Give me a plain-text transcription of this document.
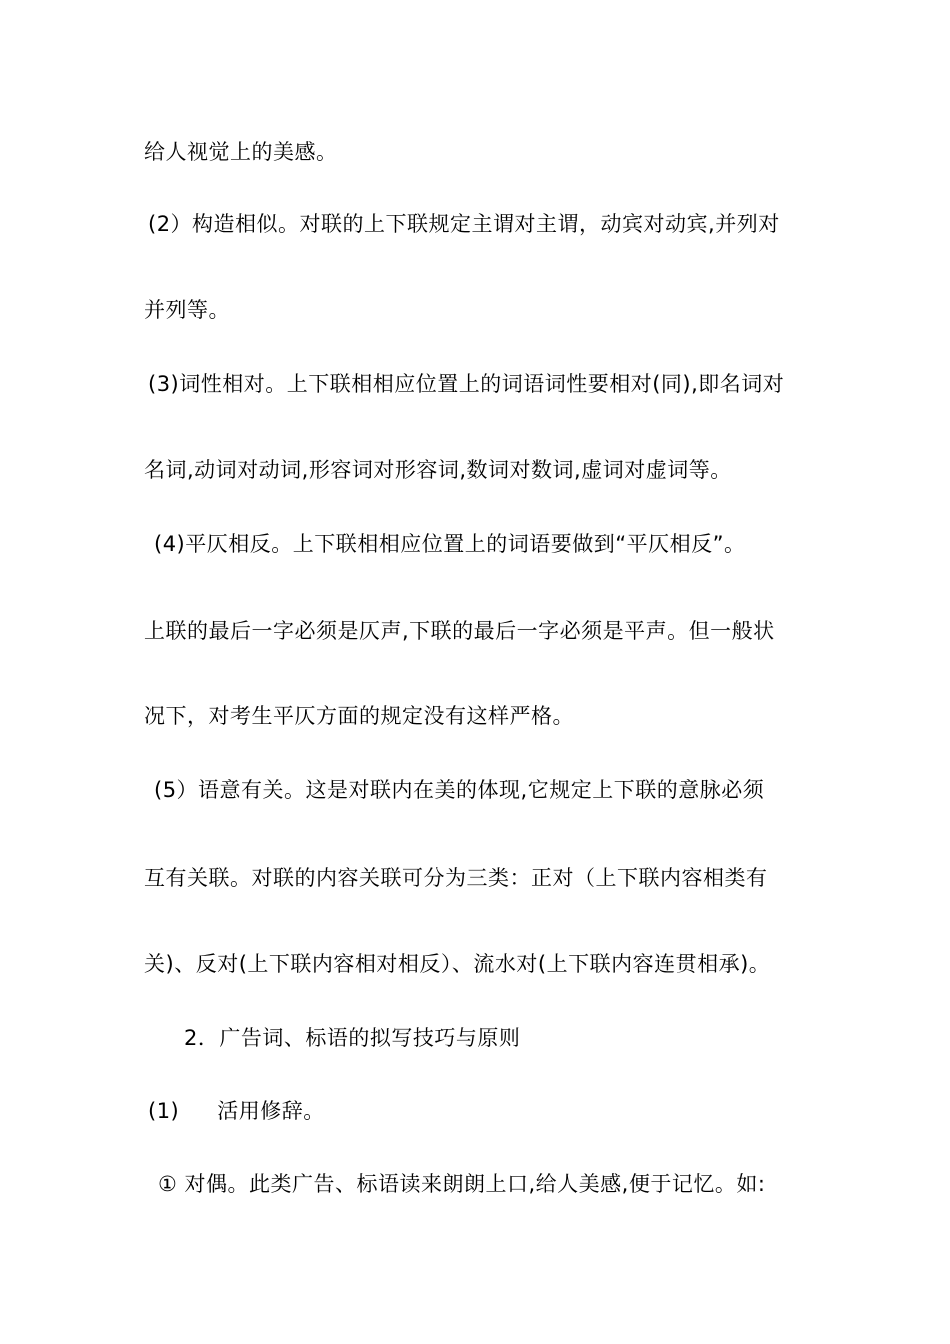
给人视觉上的美感。
(2）构造相似。对联的上下联规定主谓对主谓，动宾对动宾,并列对
并列等。
(3)词性相对。上下联相相应位置上的词语词性要相对(同),即名词对
名词,动词对动词,形容词对形容词,数词对数词,虚词对虚词等。
(4)平仄相反。上下联相相应位置上的词语要做到“平仄相反”。
上联的最后一字必须是仄声,下联的最后一字必须是平声。但一般状
况下，对考生平仄方面的规定没有这样严格。
(5）语意有关。这是对联内在美的体现,它规定上下联的意脉必须
互有关联。对联的内容关联可分为三类：正对（上下联内容相类有
关)、反对(上下联内容相对相反）、流水对(上下联内容连贯相承)。
2．广告词、标语的拟写技巧与原则
(1) 活用修辞。
① 对偶。此类广告、标语读来朗朗上口,给人美感,便于记忆。如:
